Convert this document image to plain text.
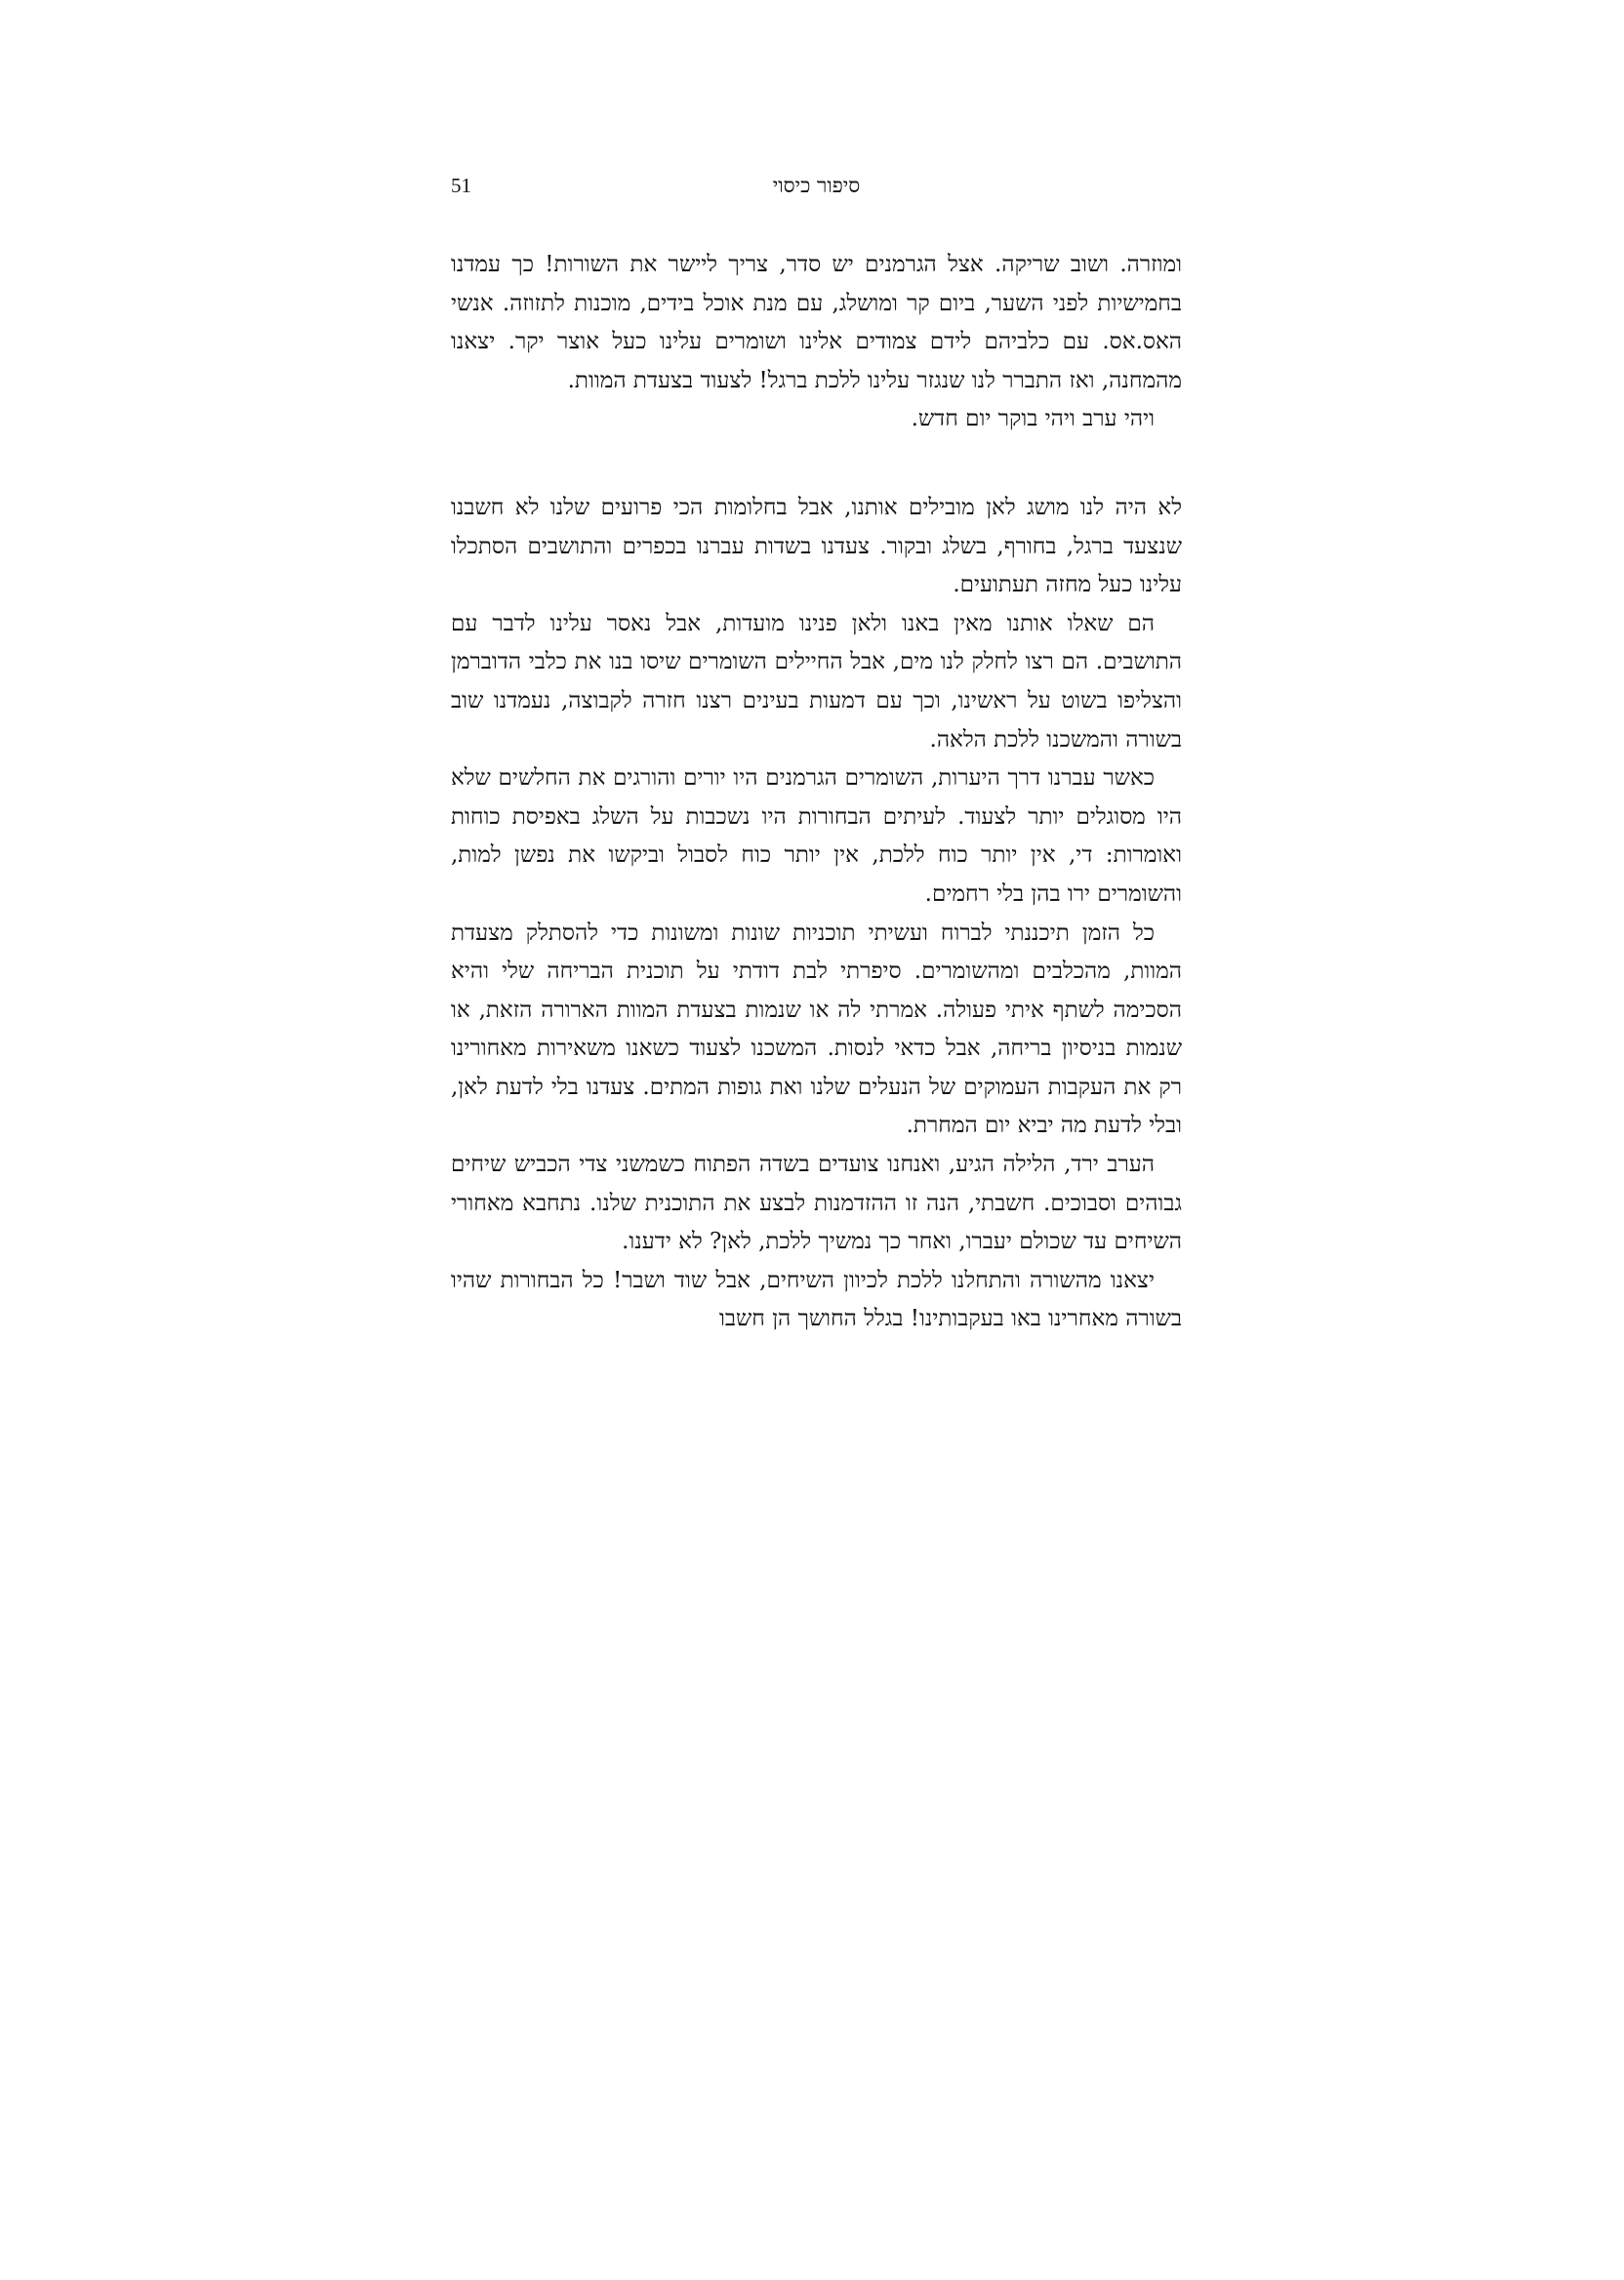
51	סיפור כיסוי

ומוזרה. ושוב שריקה. אצל הגרמנים יש סדר, צריך ליישר את השורות! כך עמדנו בחמישיות לפני השער, ביום קר ומושלג, עם מנת אוכל בידים, מוכנות לתזוזה. אנשי האס.אס. עם כלביהם לידם צמודים אלינו ושומרים עלינו כעל אוצר יקר. יצאנו מהמחנה, ואז התברר לנו שנגזר עלינו ללכת ברגל! לצעוד בצעדת המוות.

ויהי ערב ויהי בוקר יום חדש.

לא היה לנו מושג לאן מובילים אותנו, אבל בחלומות הכי פרועים שלנו לא חשבנו שנצעד ברגל, בחורף, בשלג ובקור. צעדנו בשדות עברנו בכפרים והתושבים הסתכלו עלינו כעל מחזה תעתועים.

הם שאלו אותנו מאין באנו ולאן פנינו מועדות, אבל נאסר עלינו לדבר עם התושבים. הם רצו לחלק לנו מים, אבל החיילים השומרים שיסו בנו את כלבי הדוברמן והצליפו בשוט על ראשינו, וכך עם דמעות בעינים רצנו חזרה לקבוצה, נעמדנו שוב בשורה והמשכנו ללכת הלאה.

כאשר עברנו דרך היערות, השומרים הגרמנים היו יורים והורגים את החלשים שלא היו מסוגלים יותר לצעוד. לעיתים הבחורות היו נשכבות על השלג באפיסת כוחות ואומרות: די, אין יותר כוח ללכת, אין יותר כוח לסבול וביקשו את נפשן למות, והשומרים ירו בהן בלי רחמים.

כל הזמן תיכננתי לברוח ועשיתי תוכניות שונות ומשונות כדי להסתלק מצעדת המוות, מהכלבים ומהשומרים. סיפרתי לבת דודתי על תוכנית הבריחה שלי והיא הסכימה לשתף איתי פעולה. אמרתי לה או שנמות בצעדת המוות הארורה הזאת, או שנמות בניסיון בריחה, אבל כדאי לנסות. המשכנו לצעוד כשאנו משאירות מאחורינו רק את העקבות העמוקים של הנעלים שלנו ואת גופות המתים. צעדנו בלי לדעת לאן, ובלי לדעת מה יביא יום המחרת.

הערב ירד, הלילה הגיע, ואנחנו צועדים בשדה הפתוח כשמשני צדי הכביש שיחים גבוהים וסבוכים. חשבתי, הנה זו ההזדמנות לבצע את התוכנית שלנו. נתחבא מאחורי השיחים עד שכולם יעברו, ואחר כך נמשיך ללכת, לאן? לא ידענו.

יצאנו מהשורה והתחלנו ללכת לכיוון השיחים, אבל שוד ושבר! כל הבחורות שהיו בשורה מאחרינו באו בעקבותינו! בגלל החושך הן חשבו
